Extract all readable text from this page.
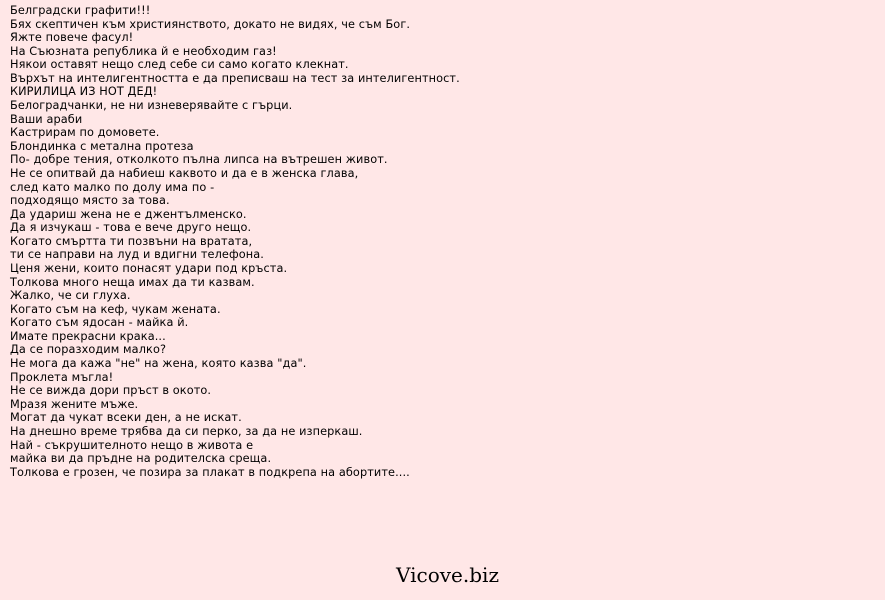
Белградски графити!!!
Бях скептичен към християнството, докато не видях, че съм Бог.
Яжте повече фасул!
На Съюзната република й е необходим газ!
Някои оставят нещо след себе си само когато клекнат.
Върхът на интелигентността е да преписваш на тест за интелигентност.
КИРИЛИЦА ИЗ НОТ ДЕД!
Белоградчанки, не ни изневерявайте с гърци.
Ваши араби
Кастрирам по домовете.
Блондинка с метална протеза
По- добре тения, отколкото пълна липса на вътрешен живот.
Не се опитвай да набиеш каквото и да е в женска глава,
след като малко по долу има по -
подходящо място за това.
Да удариш жена не е джентълменско.
Да я изчукаш - това е вече друго нещо.
Когато смъртта ти позвъни на вратата,
ти се направи на луд и вдигни телефона.
Ценя жени, които понасят удари под кръста.
Толкова много неща имах да ти казвам.
Жалко, че си глуха.
Когато съм на кеф, чукам жената.
Когато съм ядосан - майка й.
Имате прекрасни крака...
Да се поразходим малко?
Не мога да кажа "не" на жена, която казва "да".
Проклета мъгла!
Не се вижда дори пръст в окото.
Мразя жените мъже.
Могат да чукат всеки ден, а не искат.
На днешно време трябва да си перко, за да не изперкаш.
Най - съкрушителното нещо в живота е
майка ви да пръдне на родителска среща.
Толкова е грозен, че позира за плакат в подкрепа на абортите....
Vicove.biz
